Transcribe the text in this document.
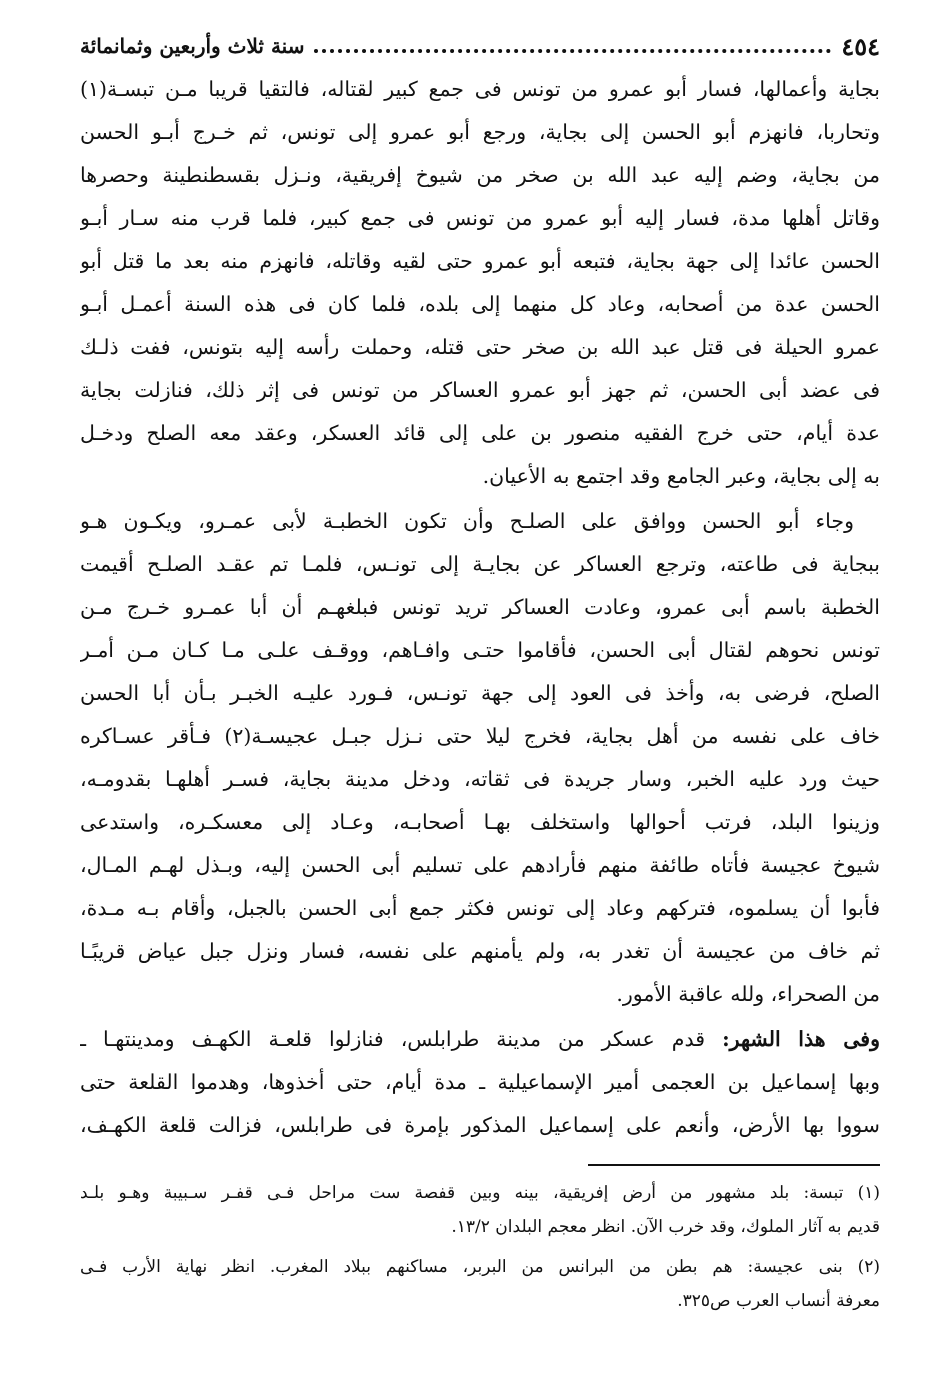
٤٥٤
سنة ثلاث وأربعين وثمانمائة
بجاية وأعمالها، فسار أبو عمرو من تونس فى جمع كبير لقتاله، فالتقيا قريبا مـن تبسـة(١)
وتحاربا، فانهزم أبو الحسن إلى بجاية، ورجع أبو عمرو إلى تونس، ثم خـرج أبـو الحسن
من بجاية، وضم إليه عبد الله بن صخر من شيوخ إفريقية، ونـزل بقسطنطينة وحصرها
وقاتل أهلها مدة، فسار إليه أبو عمرو من تونس فى جمع كبير، فلما قرب منه سـار أبـو
الحسن عائدا إلى جهة بجاية، فتبعه أبو عمرو حتى لقيه وقاتله، فانهزم منه بعد ما قتل أبو
الحسن عدة من أصحابه، وعاد كل منهما إلى بلده، فلما كان فى هذه السنة أعمـل أبـو
عمرو الحيلة فى قتل عبد الله بن صخر حتى قتله، وحملت رأسه إليه بتونس، ففت ذلـك
فى عضد أبى الحسن، ثم جهز أبو عمرو العساكر من تونس فى إثر ذلك، فنازلت بجاية
عدة أيام، حتى خرج الفقيه منصور بن على إلى قائد العسكر، وعقد معه الصلح ودخـل
به إلى بجاية، وعبر الجامع وقد اجتمع به الأعيان.
وجاء أبو الحسن ووافق على الصلـح وأن تكون الخطبـة لأبى عمـرو، ويكـون هـو
ببجاية فى طاعته، وترجع العساكر عن بجايـة إلى تونـس، فلمـا تم عقـد الصلـح أقيمت
الخطبة باسم أبى عمرو، وعادت العساكر تريد تونس فبلغهـم أن أبا عمـرو خـرج مـن
تونس نحوهم لقتال أبى الحسن، فأقاموا حتـى وافـاهم، ووقـف علـى مـا كـان مـن أمـر
الصلح، فرضى به، وأخذ فى العود إلى جهة تونـس، فـورد عليـه الخبـر بـأن أبا الحسن
خاف على نفسه من أهل بجاية، فخرج ليلا حتى نـزل جبـل عجيسـة(٢) فـأقر عسـاكره
حيث ورد عليه الخبر، وسار جريدة فى ثقاته، ودخل مدينة بجاية، فسـر أهلهـا بقدومـه،
وزينوا البلد، فرتب أحوالها واستخلف بهـا أصحابـه، وعـاد إلى معسكـره، واستدعى
شيوخ عجيسة فأتاه طائفة منهم فأرادهم على تسليم أبى الحسن إليه، وبـذل لهـم المـال،
فأبوا أن يسلموه، فتركهم وعاد إلى تونس فكثر جمع أبى الحسن بالجبل، وأقام بـه مـدة،
ثم خاف من عجيسة أن تغدر به، ولم يأمنهم على نفسه، فسار ونزل جبل عياض قريبًـا
من الصحراء، ولله عاقبة الأمور.
وفى هذا الشهر: قدم عسكر من مدينة طرابلس، فنازلوا قلعـة الكهـف ومدينتهـا ـ
وبها إسماعيل بن العجمى أمير الإسماعيلية ـ مدة أيام، حتى أخذوها، وهدموا القلعة حتى
سووا بها الأرض، وأنعم على إسماعيل المذكور بإمرة فى طرابلس، فزالت قلعة الكهـف،
(١) تبسة: بلد مشهور من أرض إفريقية، بينه وبين قفصة ست مراحل فـى قفـر سـبيبة وهـو بلـد
قديم به آثار الملوك، وقد خرب الآن. انظر معجم البلدان ١٣/٢.
(٢) بنى عجيسة: هم بطن من البرانس من البربر، مساكنهم ببلاد المغرب. انظر نهاية الأرب فـى
معرفة أنساب العرب ص٣٢٥.
